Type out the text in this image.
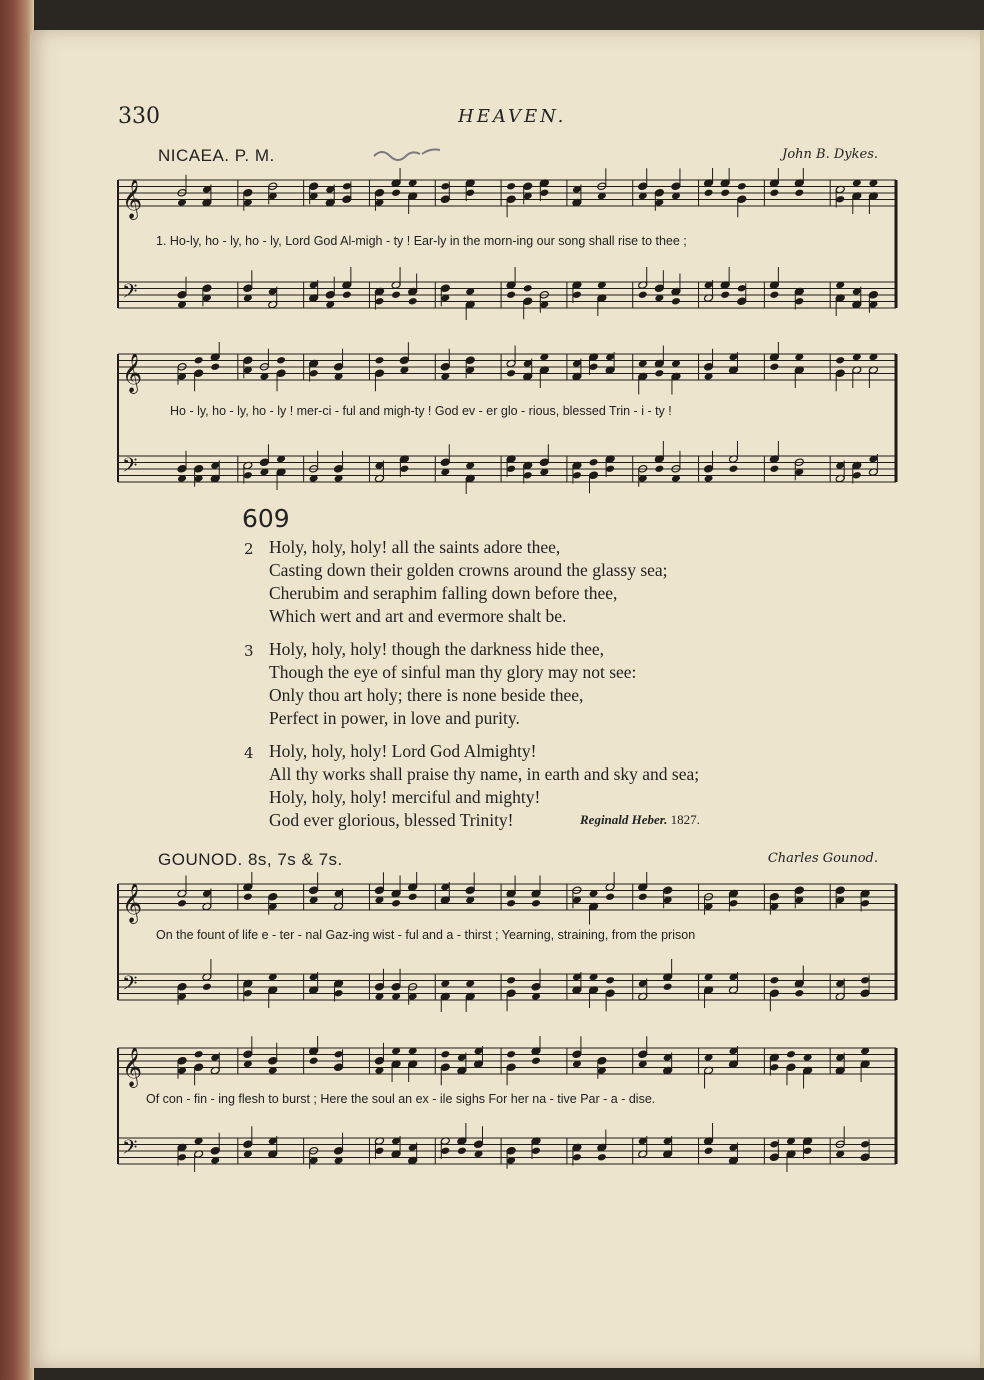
330	HEAVEN.
NICAEA. P. M.	John B. Dykes.
𝄞
𝄢
1. Ho-ly, ho - ly, ho - ly, Lord God Al-migh - ty ! Ear-ly in the morn-ing our song shall rise to thee ;
𝄞
𝄢
Ho - ly, ho - ly, ho - ly ! mer-ci - ful and migh-ty ! God ev - er glo - rious, blessed Trin - i - ty !
609
2 Holy, holy, holy! all the saints adore thee,
Casting down their golden crowns around the glassy sea;
Cherubim and seraphim falling down before thee,
Which wert and art and evermore shalt be.
3 Holy, holy, holy! though the darkness hide thee,
Though the eye of sinful man thy glory may not see:
Only thou art holy; there is none beside thee,
Perfect in power, in love and purity.
4 Holy, holy, holy! Lord God Almighty!
All thy works shall praise thy name, in earth and sky and sea;
Holy, holy, holy! merciful and mighty!
God ever glorious, blessed Trinity!	Reginald Heber. 1827.
GOUNOD. 8s, 7s & 7s.	Charles Gounod.
𝄞
𝄢
On the fount of life e - ter - nal Gaz-ing wist - ful and a - thirst ; Yearning, straining, from the prison
𝄞
𝄢
Of con - fin - ing flesh to burst ; Here the soul an ex - ile sighs For her na - tive Par - a - dise.
